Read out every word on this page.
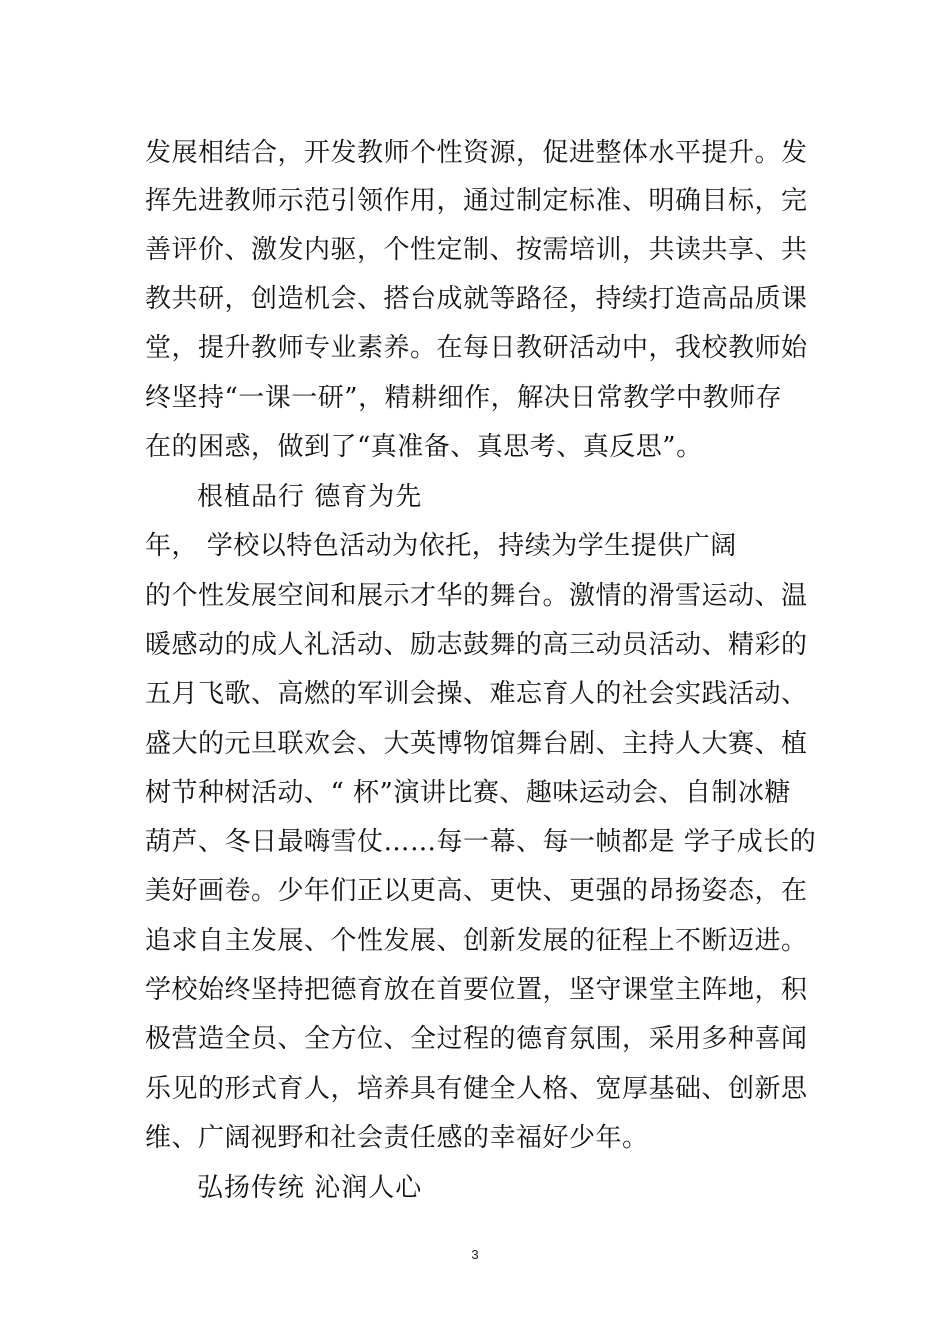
发展相结合，开发教师个性资源，促进整体水平提升。发
挥先进教师示范引领作用，通过制定标准、明确目标，完
善评价、激发内驱，个性定制、按需培训，共读共享、共
教共研，创造机会、搭台成就等路径，持续打造高品质课
堂，提升教师专业素养。在每日教研活动中，我校教师始
终坚持“一课一研”，精耕细作，解决日常教学中教师存
在的困惑，做到了“真准备、真思考、真反思”。
根植品行 德育为先
年， 学校以特色活动为依托，持续为学生提供广阔
的个性发展空间和展示才华的舞台。激情的滑雪运动、温
暖感动的成人礼活动、励志鼓舞的高三动员活动、精彩的
五月飞歌、高燃的军训会操、难忘育人的社会实践活动、
盛大的元旦联欢会、大英博物馆舞台剧、主持人大赛、植
树节种树活动、“ 杯”演讲比赛、趣味运动会、自制冰糖
葫芦、冬日最嗨雪仗……每一幕、每一帧都是 学子成长的
美好画卷。少年们正以更高、更快、更强的昂扬姿态，在
追求自主发展、个性发展、创新发展的征程上不断迈进。
学校始终坚持把德育放在首要位置，坚守课堂主阵地，积
极营造全员、全方位、全过程的德育氛围，采用多种喜闻
乐见的形式育人，培养具有健全人格、宽厚基础、创新思
维、广阔视野和社会责任感的幸福好少年。
弘扬传统 沁润人心
3
